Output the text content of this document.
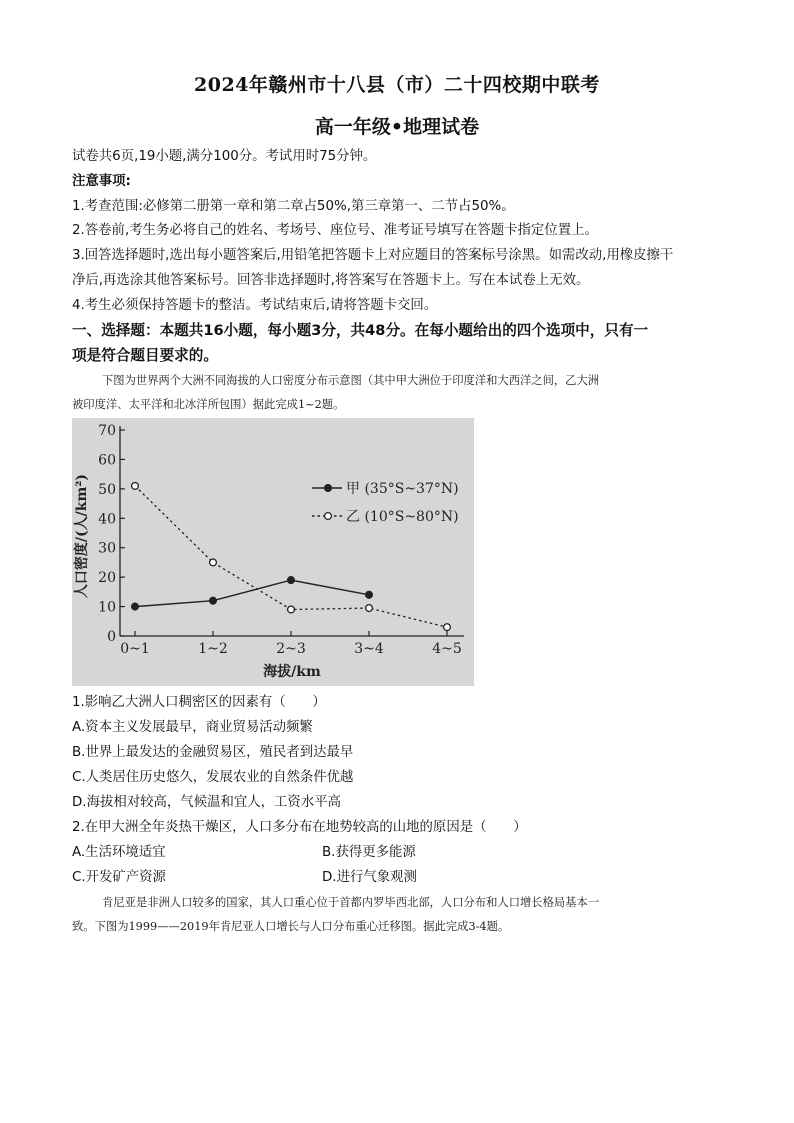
2024年赣州市十八县（市）二十四校期中联考
高一年级•地理试卷
试卷共6页,19小题,满分100分。考试用时75分钟。
注意事项:
1.考查范围:必修第二册第一章和第二章占50%,第三章第一、二节占50%。
2.答卷前,考生务必将自己的姓名、考场号、座位号、准考证号填写在答题卡指定位置上。
3.回答选择题时,选出每小题答案后,用铅笔把答题卡上对应题目的答案标号涂黑。如需改动,用橡皮擦干
净后,再选涂其他答案标号。回答非选择题时,将答案写在答题卡上。写在本试卷上无效。
4.考生必须保持答题卡的整洁。考试结束后,请将答题卡交回。
一、选择题：本题共16小题，每小题3分，共48分。在每小题给出的四个选项中，只有一
项是符合题目要求的。
下图为世界两个大洲不同海拔的人口密度分布示意图（其中甲大洲位于印度洋和大西洋之间，乙大洲
被印度洋、太平洋和北冰洋所包围）据此完成1~2题。
0
10
20
30
40
50
60
70
0~1	1~2	2~3	3~4	4~5
人口密度/(人/km²)
海拔/km
甲 (35°S~37°N)
乙 (10°S~80°N)
1.影响乙大洲人口稠密区的因素有（　　）
A.资本主义发展最早，商业贸易活动频繁
B.世界上最发达的金融贸易区，殖民者到达最早
C.人类居住历史悠久，发展农业的自然条件优越
D.海拔相对较高，气候温和宜人，工资水平高
2.在甲大洲全年炎热干燥区，人口多分布在地势较高的山地的原因是（　　）
A.生活环境适宜	B.获得更多能源
C.开发矿产资源	D.进行气象观测
肯尼亚是非洲人口较多的国家，其人口重心位于首都内罗毕西北部，人口分布和人口增长格局基本一
致。下图为1999——2019年肯尼亚人口增长与人口分布重心迁移图。据此完成3-4题。
